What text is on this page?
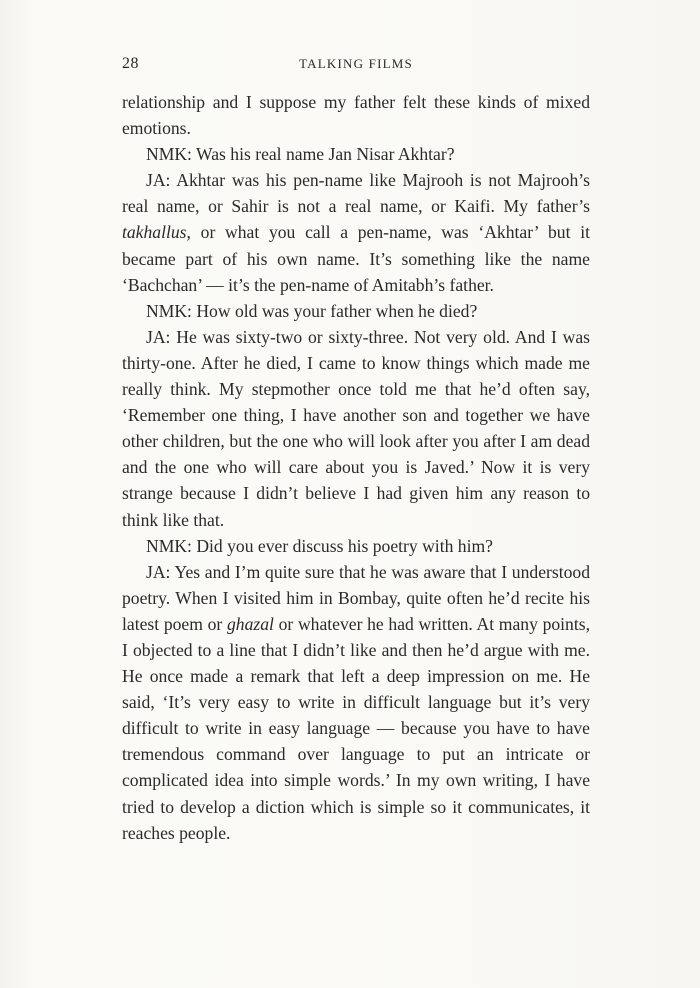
28	TALKING FILMS

relationship and I suppose my father felt these kinds of mixed emotions.

NMK: Was his real name Jan Nisar Akhtar?

JA: Akhtar was his pen-name like Majrooh is not Majrooh’s real name, or Sahir is not a real name, or Kaifi. My father’s takhallus, or what you call a pen-name, was ‘Akhtar’ but it became part of his own name. It’s something like the name ‘Bachchan’ — it’s the pen-name of Amitabh’s father.

NMK: How old was your father when he died?

JA: He was sixty-two or sixty-three. Not very old. And I was thirty-one. After he died, I came to know things which made me really think. My stepmother once told me that he’d often say, ‘Remember one thing, I have another son and together we have other children, but the one who will look after you after I am dead and the one who will care about you is Javed.’ Now it is very strange because I didn’t believe I had given him any reason to think like that.

NMK: Did you ever discuss his poetry with him?

JA: Yes and I’m quite sure that he was aware that I understood poetry. When I visited him in Bombay, quite often he’d recite his latest poem or ghazal or whatever he had written. At many points, I objected to a line that I didn’t like and then he’d argue with me. He once made a remark that left a deep impression on me. He said, ‘It’s very easy to write in difficult language but it’s very difficult to write in easy language — because you have to have tremendous command over language to put an intricate or complicated idea into simple words.’ In my own writing, I have tried to develop a diction which is simple so it communicates, it reaches people.
